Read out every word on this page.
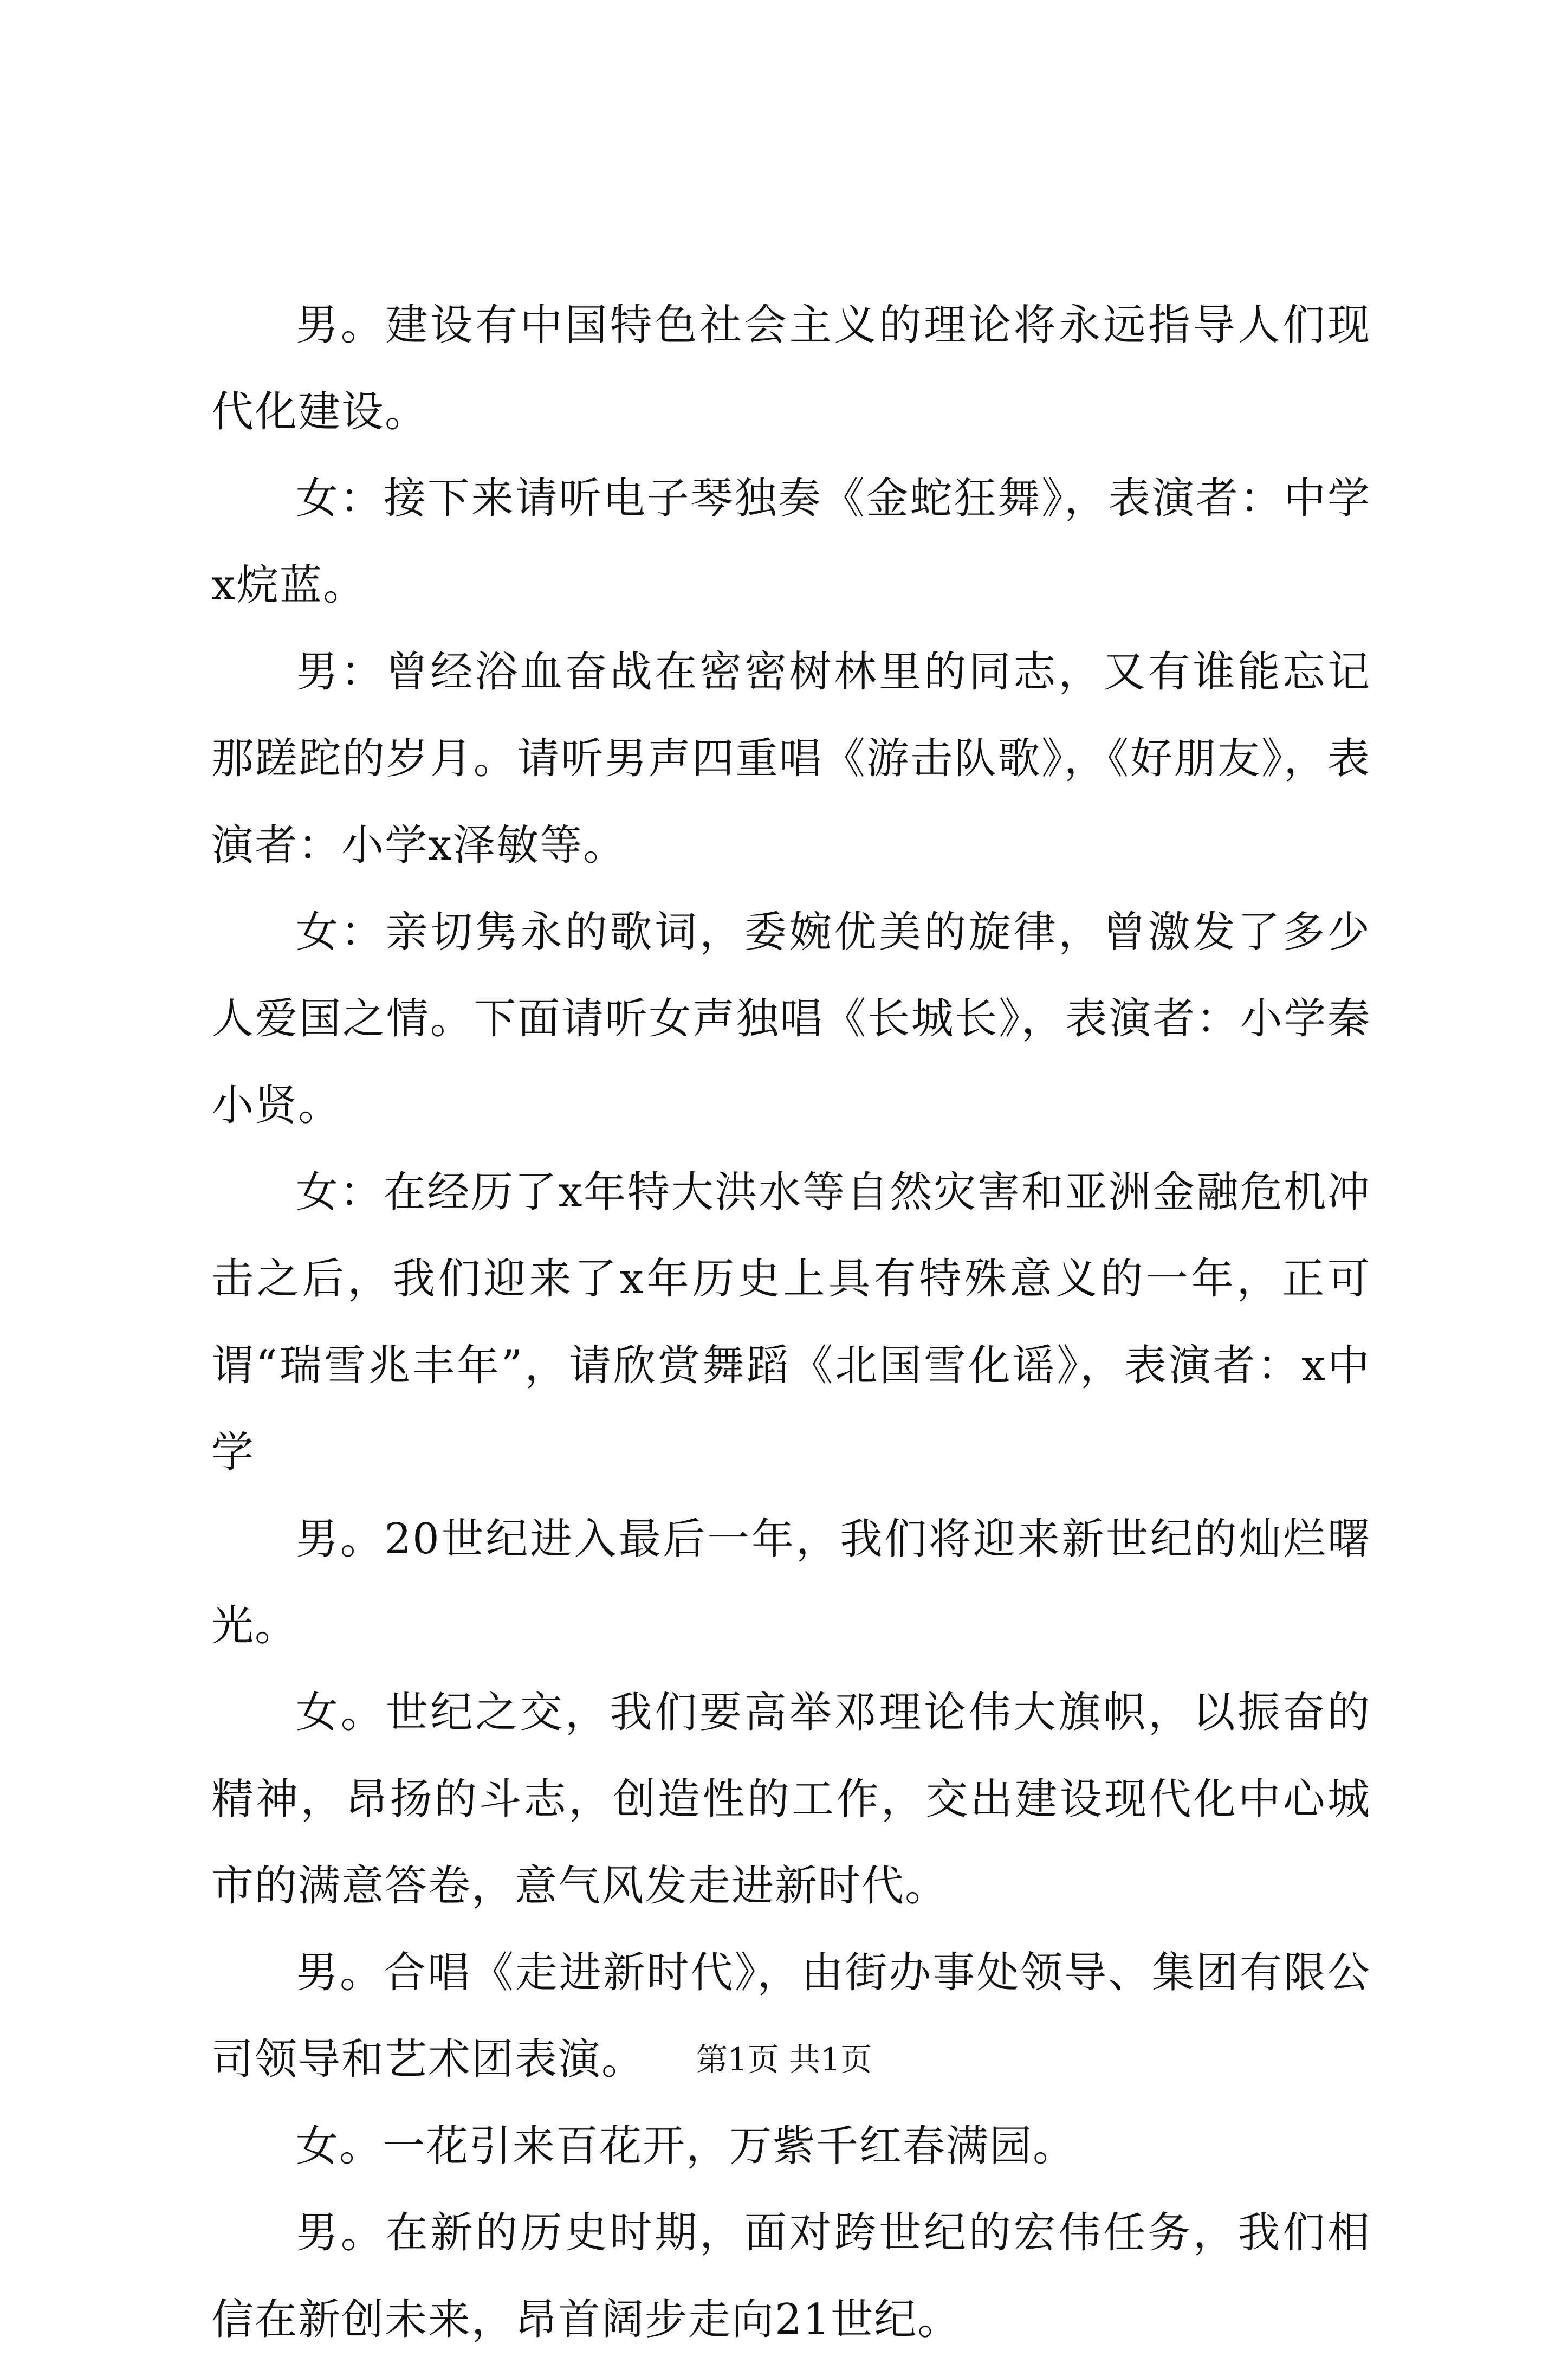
男。建设有中国特色社会主义的理论将永远指导人们现代化建设。

女：接下来请听电子琴独奏《金蛇狂舞》，表演者：中学x烷蓝。

男：曾经浴血奋战在密密树林里的同志，又有谁能忘记那蹉跎的岁月。请听男声四重唱《游击队歌》，《好朋友》，表演者：小学x泽敏等。

女：亲切隽永的歌词，委婉优美的旋律，曾激发了多少人爱国之情。下面请听女声独唱《长城长》，表演者：小学秦小贤。

女：在经历了x年特大洪水等自然灾害和亚洲金融危机冲击之后，我们迎来了x年历史上具有特殊意义的一年，正可谓“瑞雪兆丰年”，请欣赏舞蹈《北国雪化谣》，表演者：x中学

男。20世纪进入最后一年，我们将迎来新世纪的灿烂曙光。

女。世纪之交，我们要高举邓理论伟大旗帜，以振奋的精神，昂扬的斗志，创造性的工作，交出建设现代化中心城市的满意答卷，意气风发走进新时代。

男。合唱《走进新时代》，由街办事处领导、集团有限公司领导和艺术团表演。

女。一花引来百花开，万紫千红春满园。

男。在新的历史时期，面对跨世纪的宏伟任务，我们相信在新创未来，昂首阔步走向21世纪。

第1页 共1页
